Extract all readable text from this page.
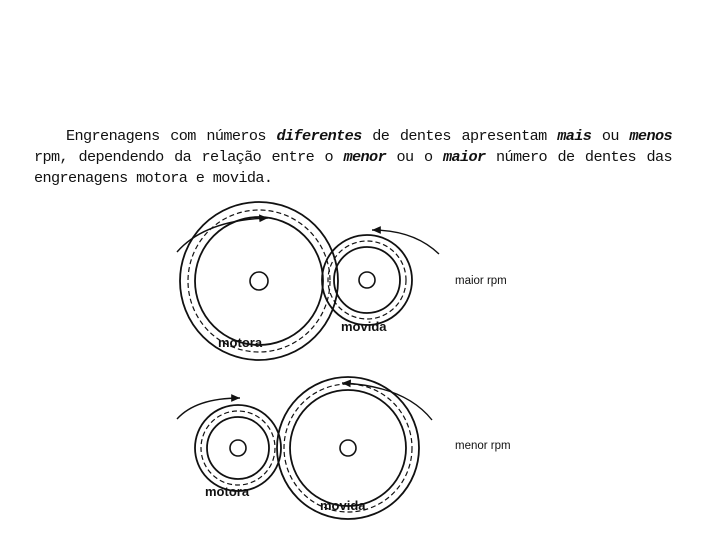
Engrenagens com números diferentes de dentes apresentam mais ou menos rpm, dependendo da relação entre o menor ou o maior número de dentes das engrenagens motora e movida.

motora
movida
maior rpm
motora
movida
menor rpm
